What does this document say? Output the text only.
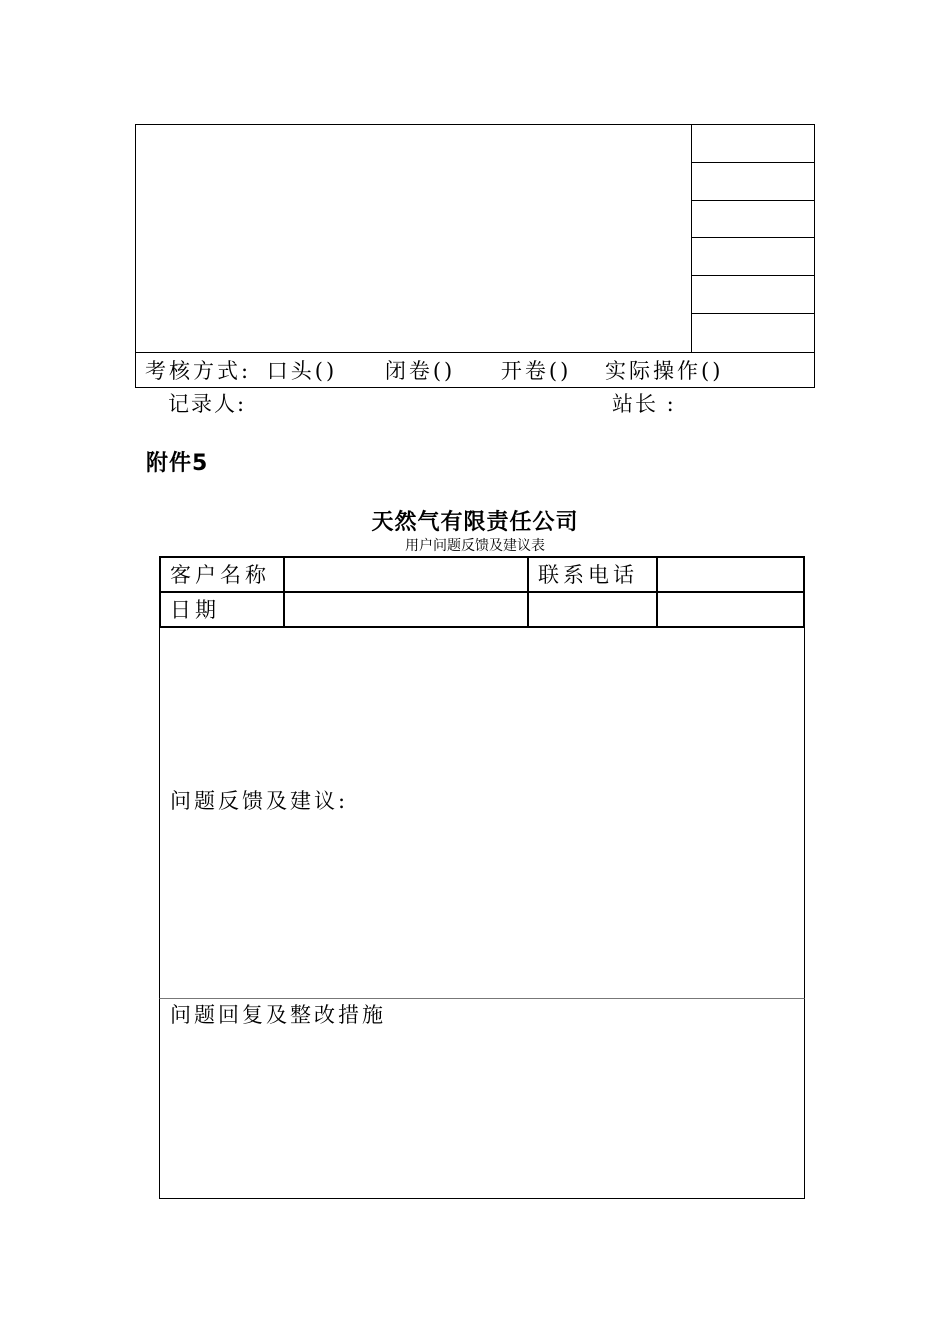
考核方式: 口头() 闭卷() 开卷() 实际操作()
记录人:	站长 :
附件5
天然气有限责任公司
用户问题反馈及建议表
客户名称	联系电话
日期
问题反馈及建议:
问题回复及整改措施
